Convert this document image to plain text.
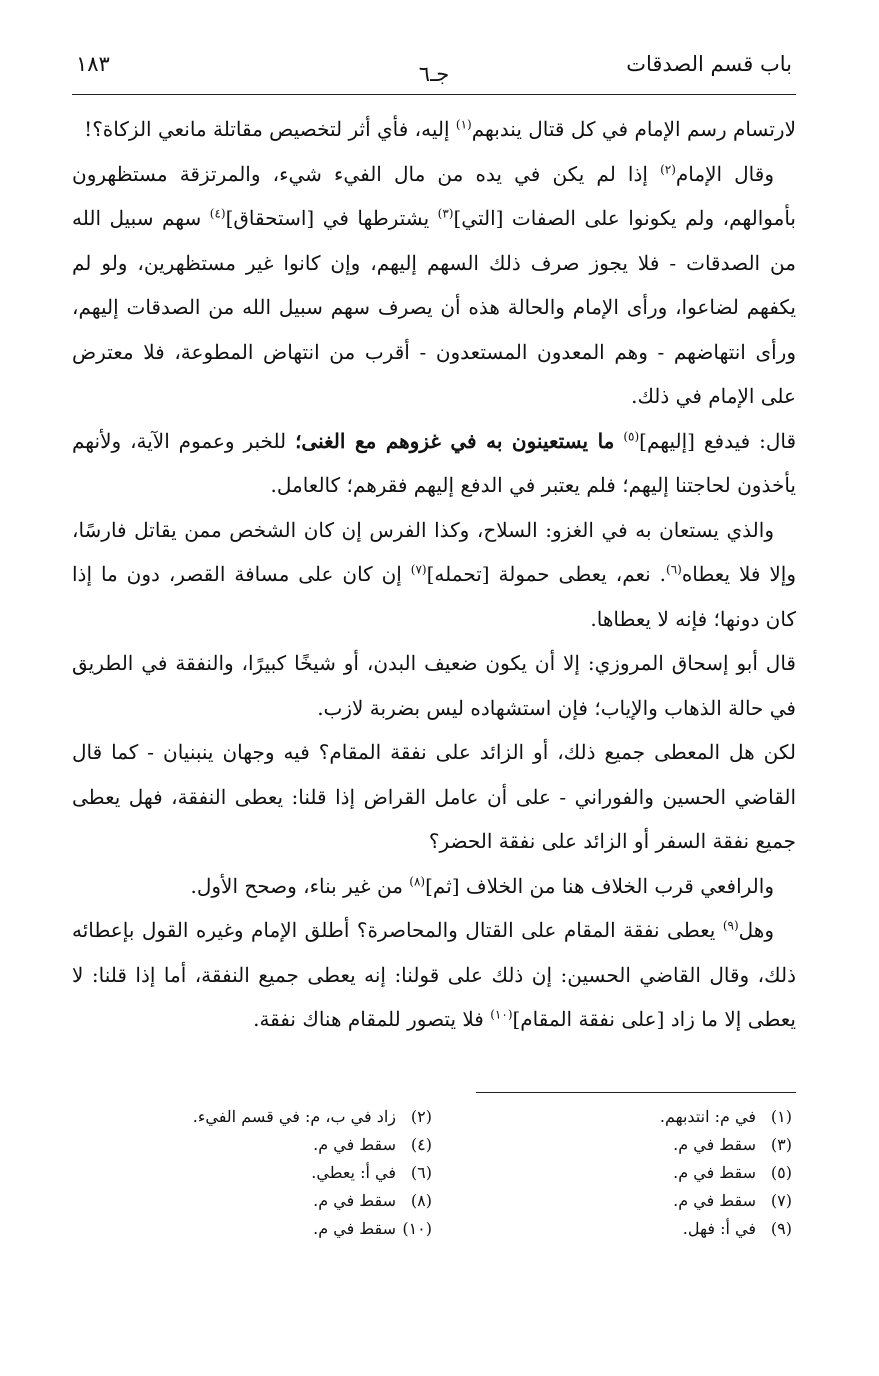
باب قسم الصدقات
جـ٦
١٨٣

لارتسام رسم الإمام في كل قتال يندبهم$^{(١)}$ إليه، فأي أثر لتخصيص مقاتلة مانعي الزكاة؟!

وقال الإمام$^{(٢)}$ إذا لم يكن في يده من مال الفيء شيء، والمرتزقة مستظهرون بأموالهم، ولم يكونوا على الصفات [التي]$^{(٣)}$ يشترطها في [استحقاق]$^{(٤)}$ سهم سبيل الله من الصدقات - فلا يجوز صرف ذلك السهم إليهم، وإن كانوا غير مستظهرين، ولو لم يكفهم لضاعوا، ورأى الإمام والحالة هذه أن يصرف سهم سبيل الله من الصدقات إليهم، ورأى انتهاضهم - وهم المعدون المستعدون - أقرب من انتهاض المطوعة، فلا معترض على الإمام في ذلك.

قال: فيدفع [إليهم]$^{(٥)}$ ما يستعينون به في غزوهم مع الغنى؛ للخبر وعموم الآية، ولأنهم يأخذون لحاجتنا إليهم؛ فلم يعتبر في الدفع إليهم فقرهم؛ كالعامل.

والذي يستعان به في الغزو: السلاح، وكذا الفرس إن كان الشخص ممن يقاتل فارسًا، وإلا فلا يعطاه$^{(٦)}$. نعم، يعطى حمولة [تحمله]$^{(٧)}$ إن كان على مسافة القصر، دون ما إذا كان دونها؛ فإنه لا يعطاها.

قال أبو إسحاق المروزي: إلا أن يكون ضعيف البدن، أو شيخًا كبيرًا، والنفقة في الطريق في حالة الذهاب والإياب؛ فإن استشهاده ليس بضربة لازب.

لكن هل المعطى جميع ذلك، أو الزائد على نفقة المقام؟ فيه وجهان ينبنيان - كما قال القاضي الحسين والفوراني - على أن عامل القراض إذا قلنا: يعطى النفقة، فهل يعطى جميع نفقة السفر أو الزائد على نفقة الحضر؟

والرافعي قرب الخلاف هنا من الخلاف [ثم]$^{(٨)}$ من غير بناء، وصحح الأول.

وهل$^{(٩)}$ يعطى نفقة المقام على القتال والمحاصرة؟ أطلق الإمام وغيره القول بإعطائه ذلك، وقال القاضي الحسين: إن ذلك على قولنا: إنه يعطى جميع النفقة، أما إذا قلنا: لا يعطى إلا ما زاد [على نفقة المقام]$^{(١٠)}$ فلا يتصور للمقام هناك نفقة.

(١)في م: انتدبهم.
(٢)زاد في ب، م: في قسم الفيء.
(٣)سقط في م.
(٤)سقط في م.
(٥)سقط في م.
(٦)في أ: يعطي.
(٧)سقط في م.
(٨)سقط في م.
(٩)في أ: فهل.
(١٠)سقط في م.
